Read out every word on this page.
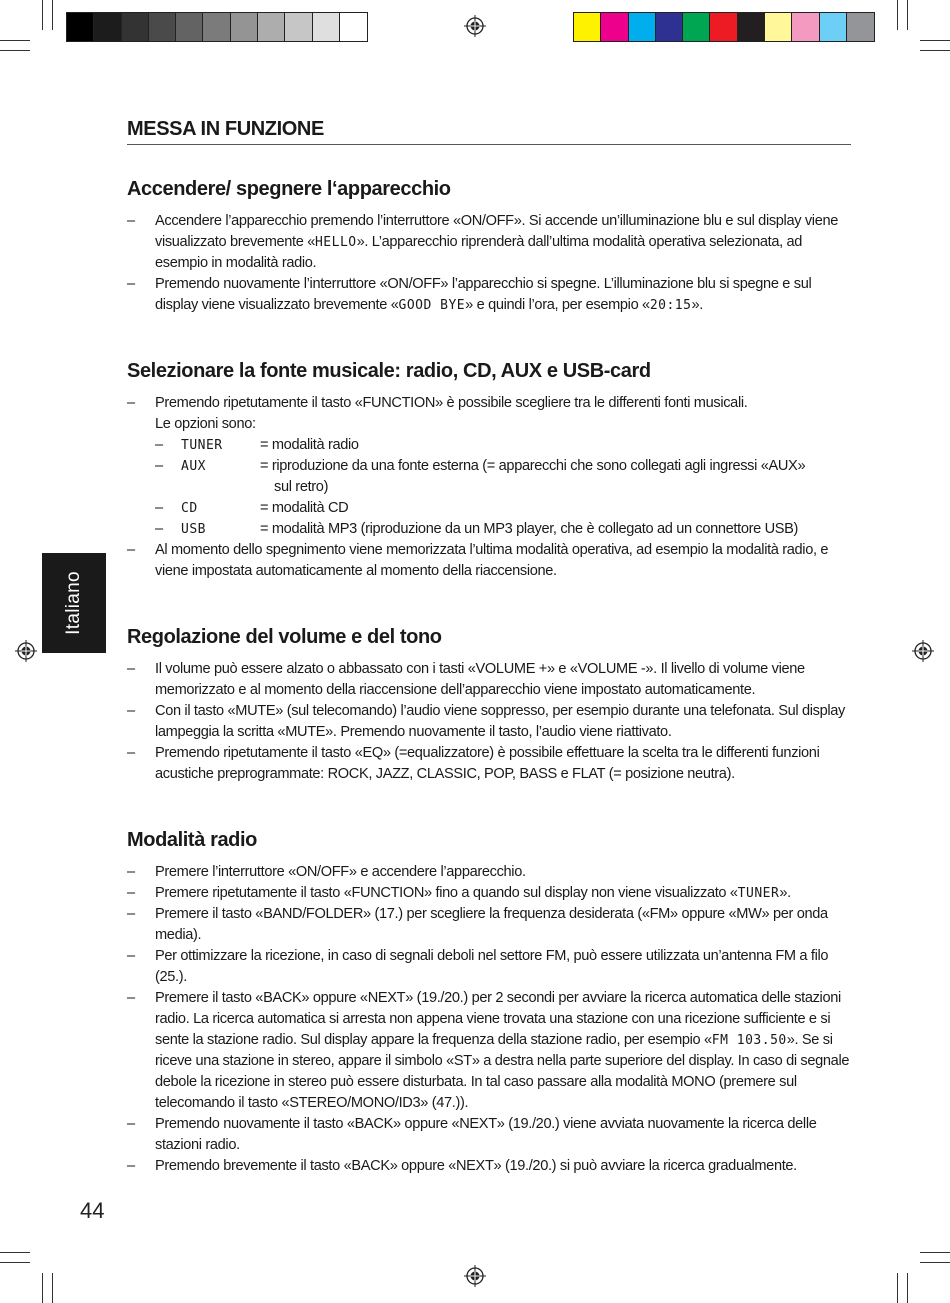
Italiano
44
MESSA IN FUNZIONE
Accendere/ spegnere l‘apparecchio
– Accendere l’apparecchio premendo l’interruttore «ON/OFF». Si accende un’illuminazione blu e sul display viene visualizzato brevemente «HELLO». L’apparecchio riprenderà dall’ultima modalità operativa selezionata, ad esempio in modalità radio.
– Premendo nuovamente l’interruttore «ON/OFF» l’apparecchio si spegne. L’illuminazione blu si spegne e sul display viene visualizzato brevemente «GOOD BYE» e quindi l’ora, per esempio «20:15».
Selezionare la fonte musicale: radio, CD, AUX e USB-card
– Premendo ripetutamente il tasto «FUNCTION» è possibile scegliere tra le differenti fonti musicali.
Le opzioni sono:
– TUNER	= modalità radio
– AUX	= riproduzione da una fonte esterna (= apparecchi che sono collegati agli ingressi «AUX»
sul retro)
– CD	= modalità CD
– USB	= modalità MP3 (riproduzione da un MP3 player, che è collegato ad un connettore USB)
– Al momento dello spegnimento viene memorizzata l’ultima modalità operativa, ad esempio la modalità radio, e viene impostata automaticamente al momento della riaccensione.
Regolazione del volume e del tono
– Il volume può essere alzato o abbassato con i tasti «VOLUME +» e «VOLUME -». Il livello di volume viene memorizzato e al momento della riaccensione dell’apparecchio viene impostato automaticamente.
– Con il tasto «MUTE» (sul telecomando) l’audio viene soppresso, per esempio durante una telefonata. Sul display lampeggia la scritta «MUTE». Premendo nuovamente il tasto, l’audio viene riattivato.
– Premendo ripetutamente il tasto «EQ» (=equalizzatore) è possibile effettuare la scelta tra le differenti funzioni acustiche preprogrammate: ROCK, JAZZ, CLASSIC, POP, BASS e FLAT (= posizione neutra).
Modalità radio
– Premere l’interruttore «ON/OFF» e accendere l’apparecchio.
– Premere ripetutamente il tasto «FUNCTION» fino a quando sul display non viene visualizzato «TUNER».
– Premere il tasto «BAND/FOLDER» (17.) per scegliere la frequenza desiderata («FM» oppure «MW» per onda media).
– Per ottimizzare la ricezione, in caso di segnali deboli nel settore FM, può essere utilizzata un’antenna FM a filo (25.).
– Premere il tasto «BACK» oppure «NEXT» (19./20.) per 2 secondi per avviare la ricerca automatica delle stazioni radio. La ricerca automatica si arresta non appena viene trovata una stazione con una ricezione sufficiente e si sente la stazione radio. Sul display appare la frequenza della stazione radio, per esempio «FM 103.50». Se si riceve una stazione in stereo, appare il simbolo «ST» a destra nella parte superiore del display. In caso di segnale debole la ricezione in stereo può essere disturbata. In tal caso passare alla modalità MONO (premere sul telecomando il tasto «STEREO/MONO/ID3» (47.)).
– Premendo nuovamente il tasto «BACK» oppure «NEXT» (19./20.) viene avviata nuovamente la ricerca delle stazioni radio.
– Premendo brevemente il tasto «BACK» oppure «NEXT» (19./20.) si può avviare la ricerca gradualmente.
